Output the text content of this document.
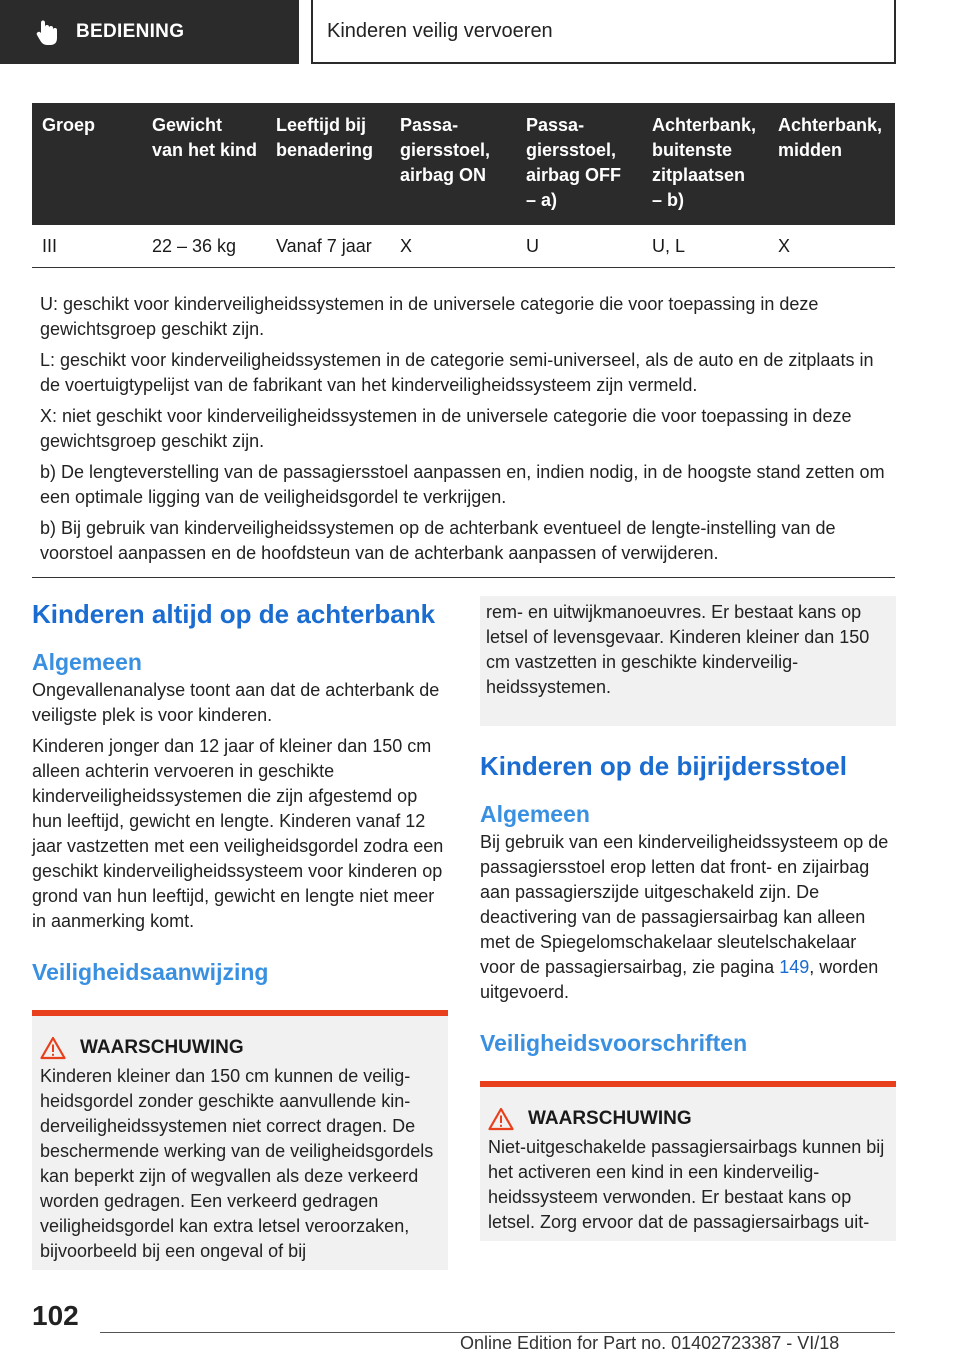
BEDIENING	Kinderen veilig vervoeren
Groep	Gewicht van het kind	Leeftijd bij benadering	Passagiersstoel, airbag ON	Passagiersstoel, airbag OFF – a)	Achterbank, buitenste zitplaatsen – b)	Achterbank, midden
III	22 – 36 kg	Vanaf 7 jaar	X	U	U, L	X

U: geschikt voor kinderveiligheidssystemen in de universele categorie die voor toepassing in deze gewichtsgroep geschikt zijn.

L: geschikt voor kinderveiligheidssystemen in de categorie semi-universeel, als de auto en de zitplaats in de voertuigtypelijst van de fabrikant van het kinderveiligheidssysteem zijn vermeld.

X: niet geschikt voor kinderveiligheidssystemen in de universele categorie die voor toepassing in deze gewichtsgroep geschikt zijn.

b) De lengteverstelling van de passagiersstoel aanpassen en, indien nodig, in de hoogste stand zetten om een optimale ligging van de veiligheidsgordel te verkrijgen.

b) Bij gebruik van kinderveiligheidssystemen op de achterbank eventueel de lengte-instelling van de voorstoel aanpassen en de hoofdsteun van de achterbank aanpassen of verwijderen.

Kinderen altijd op de achterbank
Algemeen

Ongevallenanalyse toont aan dat de achterbank de veiligste plek is voor kinderen.

Kinderen jonger dan 12 jaar of kleiner dan 150 cm alleen achterin vervoeren in geschikte kinderveiligheidssystemen die zijn afgestemd op hun leeftijd, gewicht en lengte. Kinderen vanaf 12 jaar vastzetten met een veiligheidsgordel zodra een geschikt kinderveiligheidssysteem voor kinderen op grond van hun leeftijd, gewicht en lengte niet meer in aanmerking komt.

Veiligheidsaanwijzing
WAARSCHUWING

Kinderen kleiner dan 150 cm kunnen de veiligheidsgordel zonder geschikte aanvullende kinderveiligheidssystemen niet correct dragen. De beschermende werking van de veiligheidsgordels kan beperkt zijn of wegvallen als deze verkeerd worden gedragen. Een verkeerd gedragen veiligheidsgordel kan extra letsel veroorzaken, bijvoorbeeld bij een ongeval of bij

rem- en uitwijkmanoeuvres. Er bestaat kans op letsel of levensgevaar. Kinderen kleiner dan 150 cm vastzetten in geschikte kinderveiligheidssystemen.

Kinderen op de bijrijdersstoel
Algemeen

Bij gebruik van een kinderveiligheidssysteem op de passagiersstoel erop letten dat front- en zijairbag aan passagierszijde uitgeschakeld zijn. De deactivering van de passagiersairbag kan alleen met de Spiegelomschakelaar sleutelschakelaar voor de passagiersairbag, zie pagina 149, worden uitgevoerd.

Veiligheidsvoorschriften
WAARSCHUWING

Niet-uitgeschakelde passagiersairbags kunnen bij het activeren een kind in een kinderveiligheidssysteem verwonden. Er bestaat kans op letsel. Zorg ervoor dat de passagiersairbags uit-

102
Online Edition for Part no. 01402723387 - VI/18
